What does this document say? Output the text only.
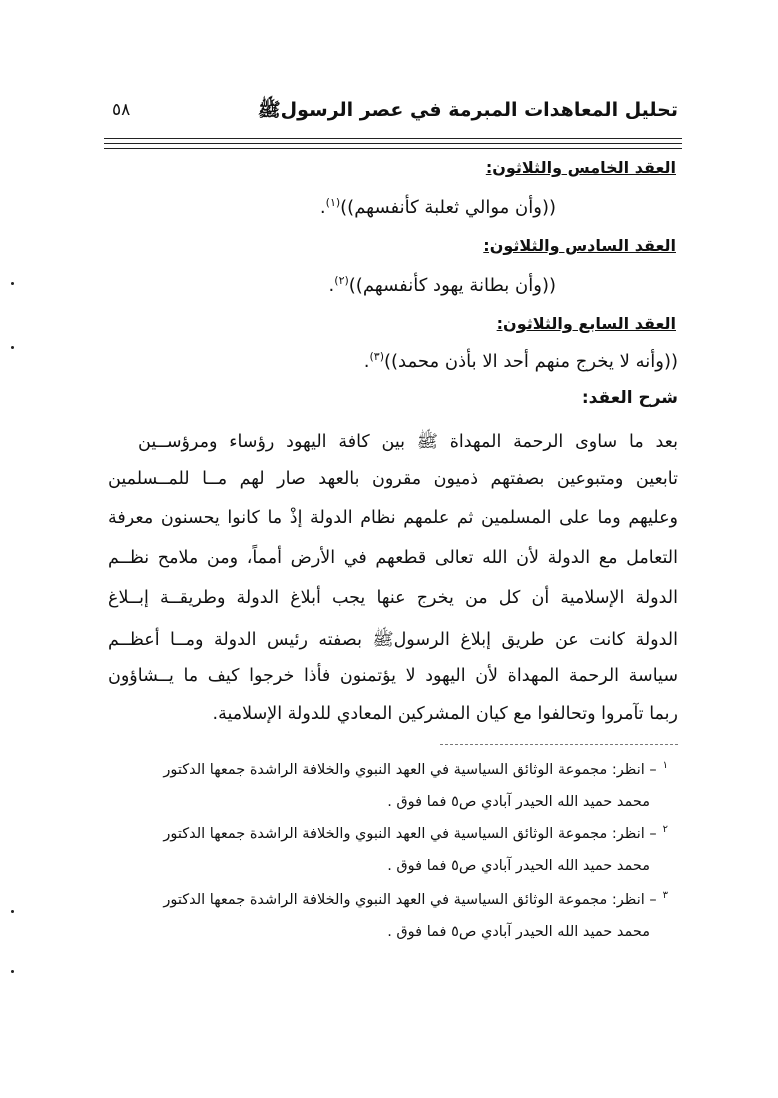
تحليل المعاهدات المبرمة في عصر الرسولﷺ
٥٨
العقد الخامس والثلاثون:
((وأن موالي ثعلبة كأنفسهم))$^{(١)}$.
العقد السادس والثلاثون:
((وأن بطانة يهود كأنفسهم))$^{(٢)}$.
العقد السابع والثلاثون:
((وأنه لا يخرج منهم أحد الا بأذن محمد))$^{(٣)}$.
شرح العقد:
بعد ما ساوى الرحمة المهداة ﷺ بين كافة اليهود رؤساء ومرؤســين
تابعين ومتبوعين بصفتهم ذميون مقرون بالعهد صار لهم مــا للمــسلمين
وعليهم وما على المسلمين ثم علمهم نظام الدولة إذْ ما كانوا يحسنون معرفة
التعامل مع الدولة لأن الله تعالى قطعهم في الأرض أمماً، ومن ملامح نظــم
الدولة الإسلامية أن كل من يخرج عنها يجب أبلاغ الدولة وطريقــة إبــلاغ
الدولة كانت عن طريق إبلاغ الرسولﷺ بصفته رئيس الدولة ومــا أعظــم
سياسة الرحمة المهداة لأن اليهود لا يؤتمنون فأذا خرجوا كيف ما يــشاؤون
ربما تآمروا وتحالفوا مع كيان المشركين المعادي للدولة الإسلامية.
$^١$– انظر: مجموعة الوثائق السياسية في العهد النبوي والخلافة الراشدة جمعها الدكتور
محمد حميد الله الحيدر آبادي ص٥ فما فوق .
$^٢$– انظر: مجموعة الوثائق السياسية في العهد النبوي والخلافة الراشدة جمعها الدكتور
محمد حميد الله الحيدر آبادي ص٥ فما فوق .
$^٣$– انظر: مجموعة الوثائق السياسية في العهد النبوي والخلافة الراشدة جمعها الدكتور
محمد حميد الله الحيدر آبادي ص٥ فما فوق .
